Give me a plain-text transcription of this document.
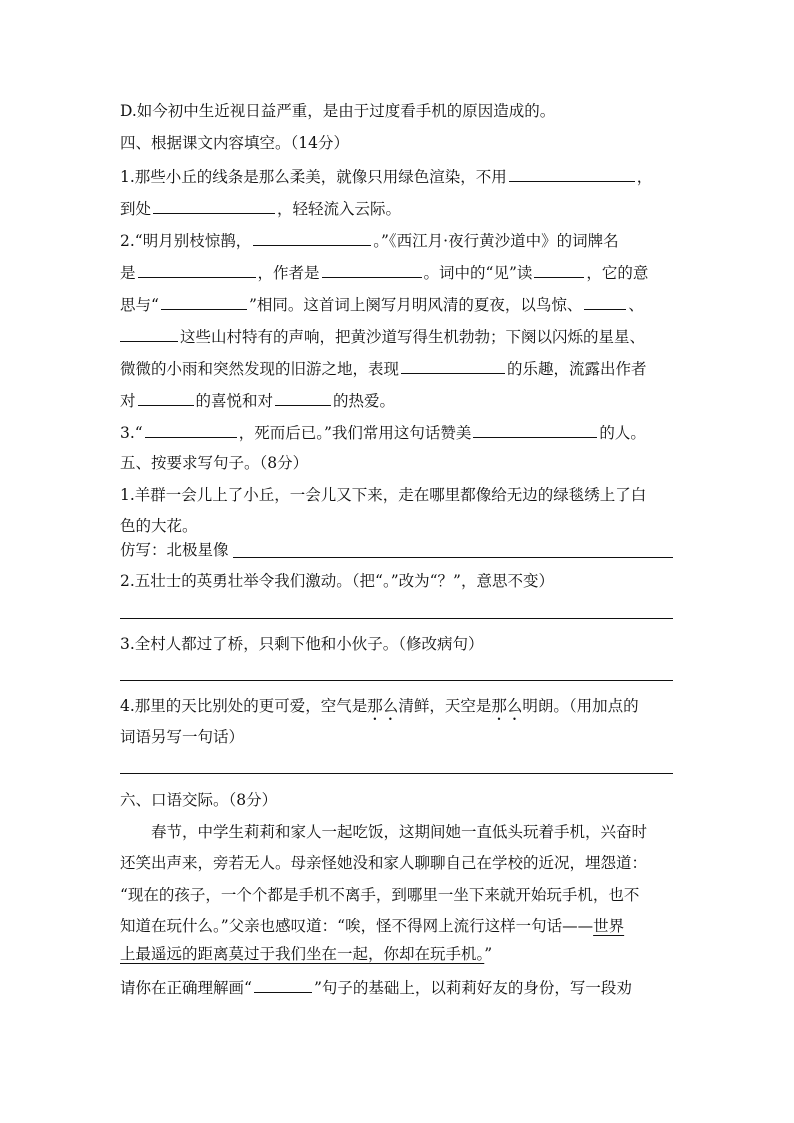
D.如今初中生近视日益严重，是由于过度看手机的原因造成的。
四、根据课文内容填空。（14分）
1.那些小丘的线条是那么柔美，就像只用绿色渲染，不用	，
到处	，轻轻流入云际。
2.“明月别枝惊鹊，	。”《西江月·夜行黄沙道中》的词牌名
是	，作者是	。词中的“见”读	，它的意
思与“	”相同。这首词上阕写月明风清的夏夜，以鸟惊、	、
这些山村特有的声响，把黄沙道写得生机勃勃；下阕以闪烁的星星、
微微的小雨和突然发现的旧游之地，表现	的乐趣，流露出作者
对	的喜悦和对	的热爱。
3.“	，死而后已。”我们常用这句话赞美	的人。
五、按要求写句子。（8分）
1.羊群一会儿上了小丘，一会儿又下来，走在哪里都像给无边的绿毯绣上了白
色的大花。
仿写：北极星像
2.五壮士的英勇壮举令我们激动。（把“。”改为“？”，意思不变）
3.全村人都过了桥，只剩下他和小伙子。（修改病句）
4.那里的天比别处的更可爱，空气是那么清鲜，天空是那么明朗。（用加点的
词语另写一句话）
六、口语交际。（8分）
春节，中学生莉莉和家人一起吃饭，这期间她一直低头玩着手机，兴奋时
还笑出声来，旁若无人。母亲怪她没和家人聊聊自己在学校的近况，埋怨道：
“现在的孩子，一个个都是手机不离手，到哪里一坐下来就开始玩手机，也不
知道在玩什么。”父亲也感叹道：“唉，怪不得网上流行这样一句话——世界
上最遥远的距离莫过于我们坐在一起，你却在玩手机。”
请你在正确理解画“	”句子的基础上，以莉莉好友的身份，写一段劝
